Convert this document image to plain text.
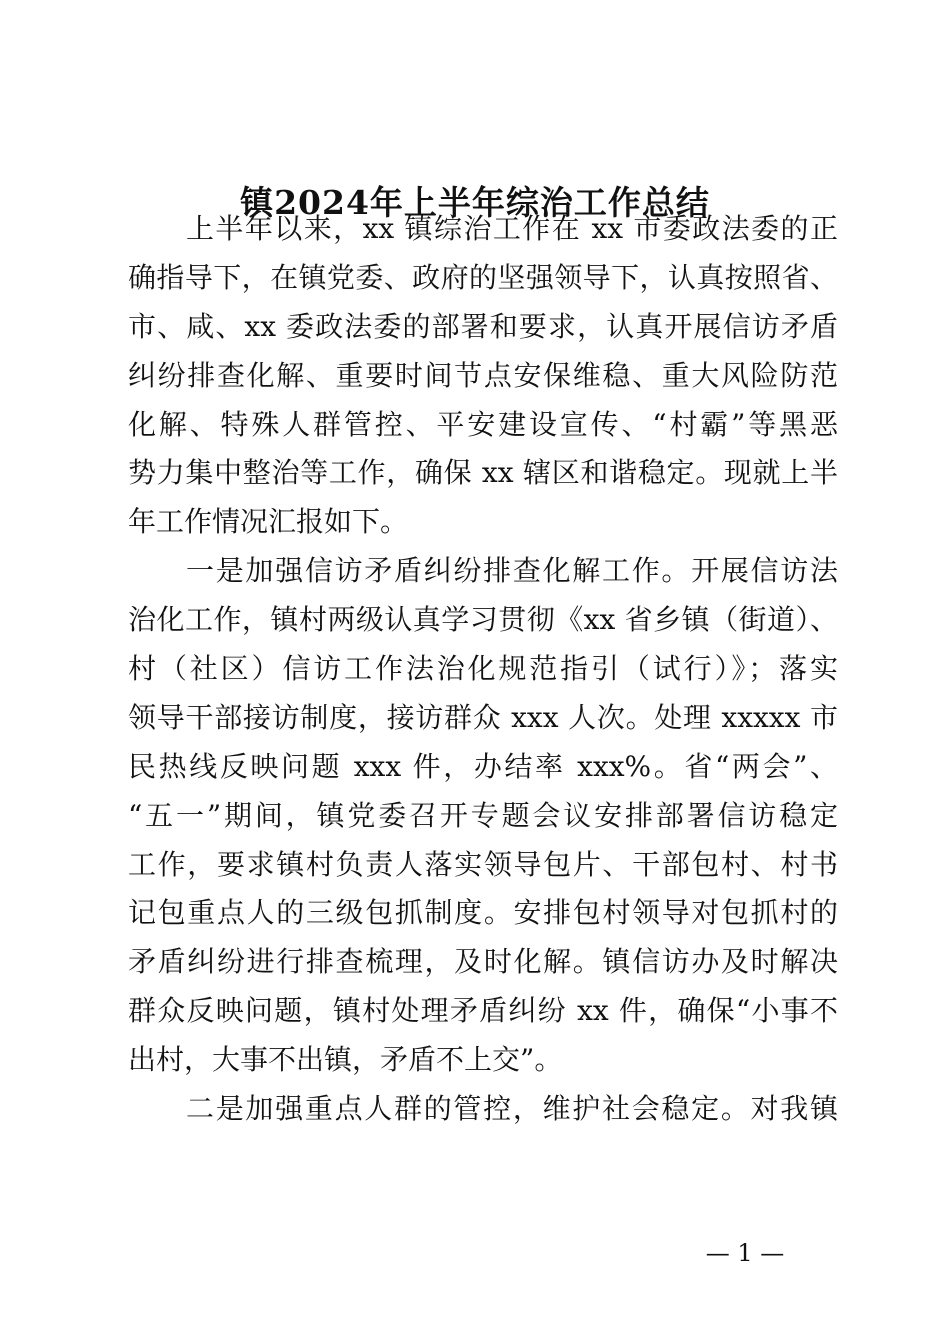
镇2024年上半年综治工作总结
上半年以来，xx 镇综治工作在 xx 市委政法委的正
确指导下，在镇党委、政府的坚强领导下，认真按照省、
市、咸、xx 委政法委的部署和要求，认真开展信访矛盾
纠纷排查化解、重要时间节点安保维稳、重大风险防范
化解、特殊人群管控、平安建设宣传、“村霸”等黑恶
势力集中整治等工作，确保 xx 辖区和谐稳定。现就上半
年工作情况汇报如下。
一是加强信访矛盾纠纷排查化解工作。开展信访法
治化工作，镇村两级认真学习贯彻《xx 省乡镇（街道）、
村（社区）信访工作法治化规范指引（试行）》；落实
领导干部接访制度，接访群众 xxx 人次。处理 xxxxx 市
民热线反映问题 xxx 件，办结率 xxx%。省“两会”、
“五一”期间，镇党委召开专题会议安排部署信访稳定
工作，要求镇村负责人落实领导包片、干部包村、村书
记包重点人的三级包抓制度。安排包村领导对包抓村的
矛盾纠纷进行排查梳理，及时化解。镇信访办及时解决
群众反映问题，镇村处理矛盾纠纷 xx 件，确保“小事不
出村，大事不出镇，矛盾不上交”。
二是加强重点人群的管控，维护社会稳定。对我镇
— 1 —
